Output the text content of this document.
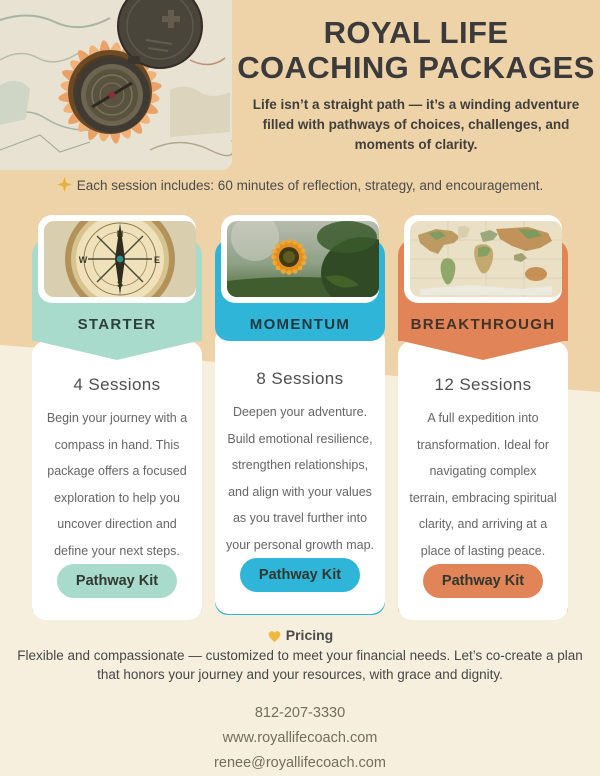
ROYAL LIFE
COACHING PACKAGES
Life isn’t a straight path — it’s a winding adventure filled with pathways of choices, challenges, and moments of clarity.
Each session includes: 60 minutes of reflection, strategy, and encouragement.
N
E
S
W
STARTER
4 Sessions
Begin your journey with a compass in hand. This package offers a focused exploration to help you uncover direction and define your next steps.
Pathway Kit
MOMENTUM
8 Sessions
Deepen your adventure. Build emotional resilience, strengthen relationships, and align with your values as you travel further into your personal growth map.
Pathway Kit
BREAKTHROUGH
12 Sessions
A full expedition into transformation. Ideal for navigating complex terrain, embracing spiritual clarity, and arriving at a place of lasting peace.
Pathway Kit
Pricing
Flexible and compassionate — customized to meet your financial needs. Let’s co-create a plan that honors your journey and your resources, with grace and dignity.
812-207-3330
www.royallifecoach.com
renee@royallifecoach.com
